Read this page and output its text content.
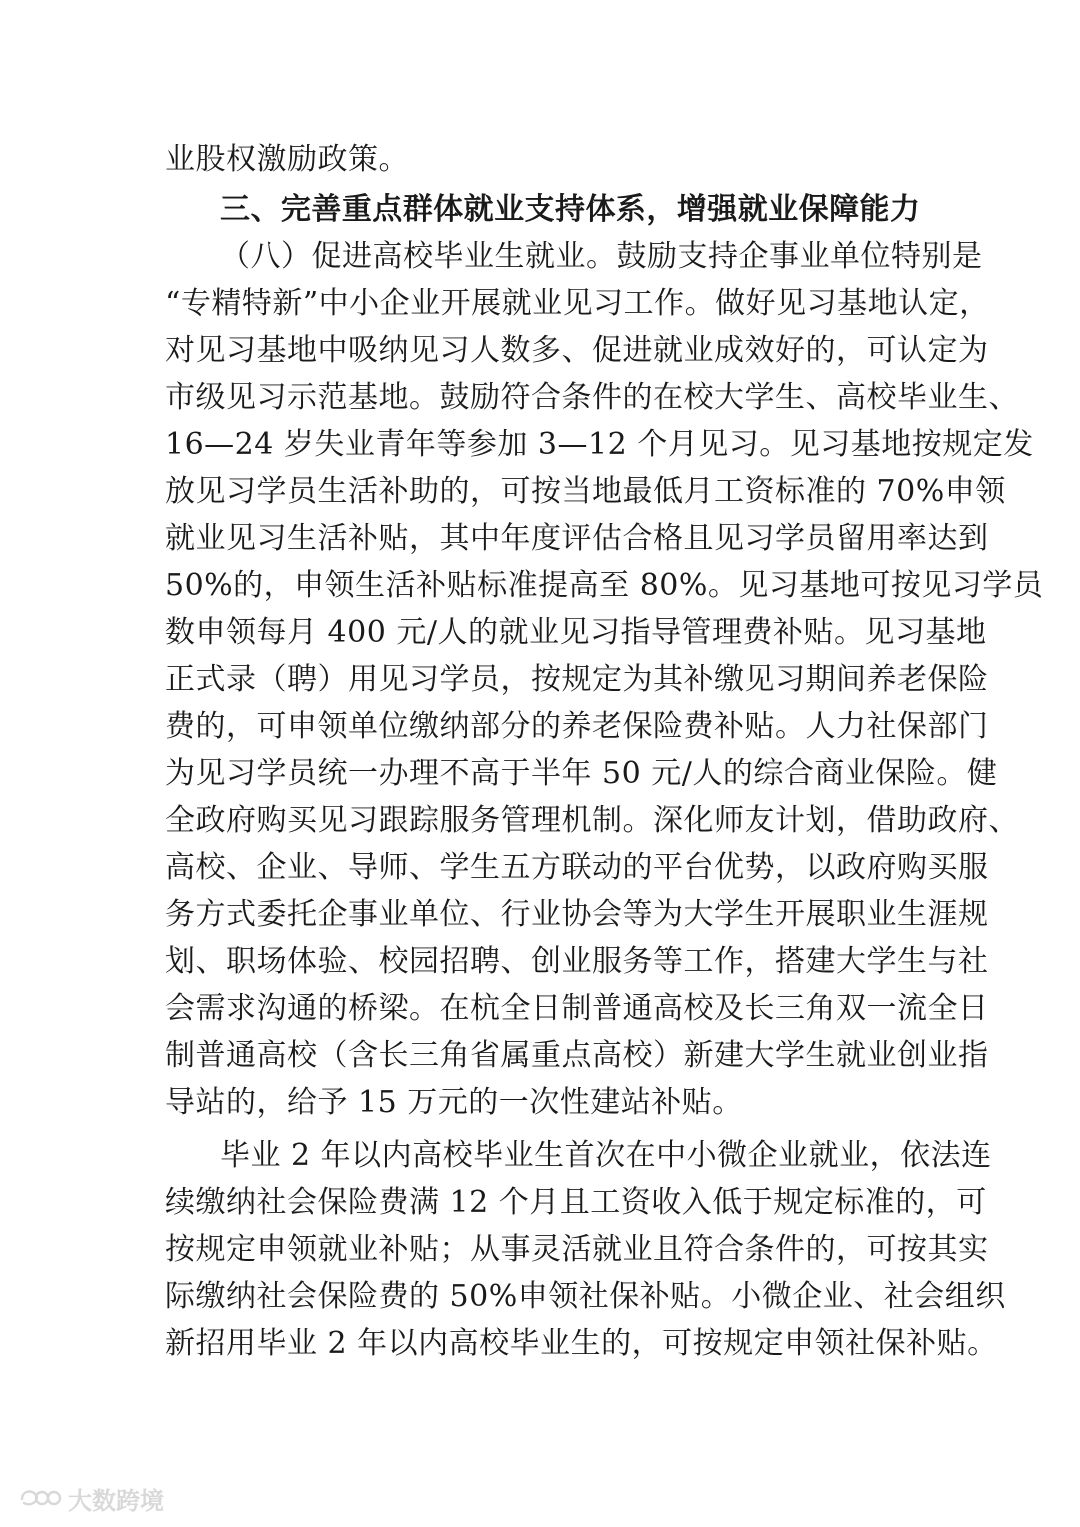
业股权激励政策。
三、完善重点群体就业支持体系，增强就业保障能力
（八）促进高校毕业生就业。鼓励支持企事业单位特别是
“专精特新”中小企业开展就业见习工作。做好见习基地认定，
对见习基地中吸纳见习人数多、促进就业成效好的，可认定为
市级见习示范基地。鼓励符合条件的在校大学生、高校毕业生、
16—24 岁失业青年等参加 3—12 个月见习。见习基地按规定发
放见习学员生活补助的，可按当地最低月工资标准的 70%申领
就业见习生活补贴，其中年度评估合格且见习学员留用率达到
50%的，申领生活补贴标准提高至 80%。见习基地可按见习学员
数申领每月 400 元/人的就业见习指导管理费补贴。见习基地
正式录（聘）用见习学员，按规定为其补缴见习期间养老保险
费的，可申领单位缴纳部分的养老保险费补贴。人力社保部门
为见习学员统一办理不高于半年 50 元/人的综合商业保险。健
全政府购买见习跟踪服务管理机制。深化师友计划，借助政府、
高校、企业、导师、学生五方联动的平台优势，以政府购买服
务方式委托企事业单位、行业协会等为大学生开展职业生涯规
划、职场体验、校园招聘、创业服务等工作，搭建大学生与社
会需求沟通的桥梁。在杭全日制普通高校及长三角双一流全日
制普通高校（含长三角省属重点高校）新建大学生就业创业指
导站的，给予 15 万元的一次性建站补贴。
毕业 2 年以内高校毕业生首次在中小微企业就业，依法连
续缴纳社会保险费满 12 个月且工资收入低于规定标准的，可
按规定申领就业补贴；从事灵活就业且符合条件的，可按其实
际缴纳社会保险费的 50%申领社保补贴。小微企业、社会组织
新招用毕业 2 年以内高校毕业生的，可按规定申领社保补贴。
大数跨境
